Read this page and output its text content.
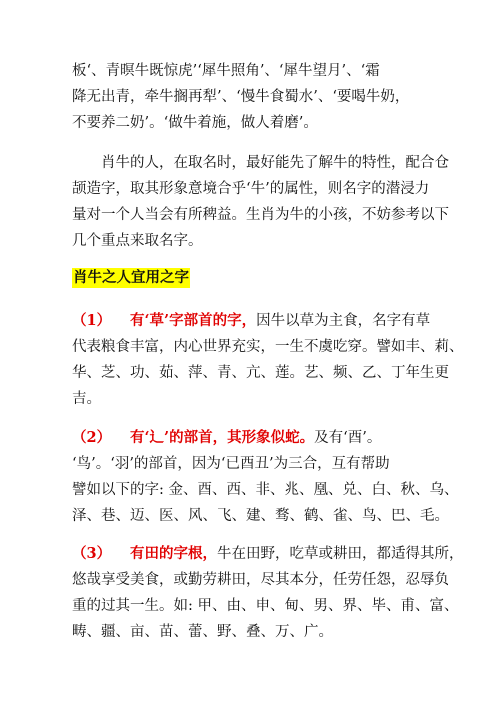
板‘、青暝牛既惊虎’‘犀牛照角’、‘犀牛望月’、‘霜
降无出青，牵牛搁再犁’、‘慢牛食蜀水’、‘要喝牛奶，
不要养二奶’。‘做牛着施，做人着磨’。
肖牛的人，在取名时，最好能先了解牛的特性，配合仓
颉造字，取其形象意境合乎‘牛’的属性，则名字的潜浸力
量对一个人当会有所稗益。生肖为牛的小孩，不妨参考以下
几个重点来取名字。
肖牛之人宜用之字
（1） 有‘草’字部首的字，因牛以草为主食，名字有草
代表粮食丰富，内心世界充实，一生不虞吃穿。譬如丰、莉、
华、芝、功、茹、萍、青、亢、莲。艺、频、乙、丁年生更
吉。
（2） 有‘辶’的部首，其形象似蛇。及有‘酉’。
‘鸟’。‘羽’的部首，因为‘已酉丑’为三合，互有帮助
譬如以下的字: 金、酉、西、非、兆、凰、兑、白、秋、乌、
泽、巷、迈、医、风、飞、建、骛、鹤、雀、鸟、巴、毛。
（3） 有田的字根，牛在田野，吃草或耕田，都适得其所，
悠哉享受美食，或勤劳耕田，尽其本分，任劳任怨，忍辱负
重的过其一生。如: 甲、由、申、甸、男、界、毕、甫、富、
畴、疆、亩、苗、蕾、野、叠、万、广。
